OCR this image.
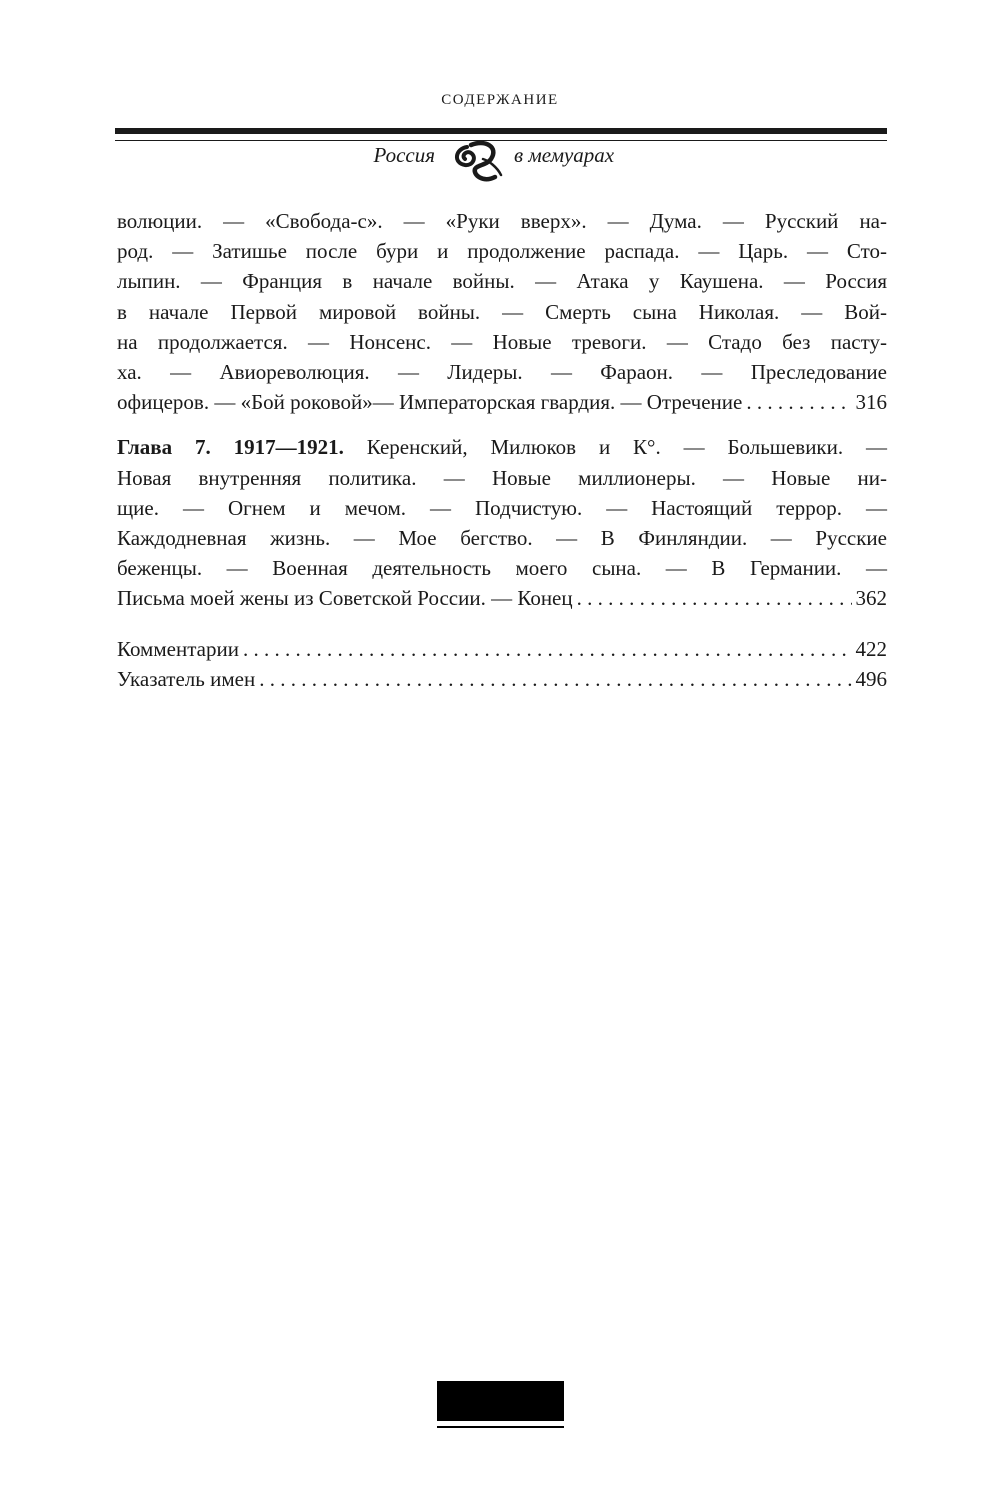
СОДЕРЖАНИЕ
Россия	в мемуарах
волюции. — «Свобода-с». — «Руки вверх». — Дума. — Русский на-
род. — Затишье после бури и продолжение распада. — Царь. — Сто-
лыпин. — Франция в начале войны. — Атака у Каушена. — Россия
в начале Первой мировой войны. — Смерть сына Николая. — Вой-
на продолжается. — Нонсенс. — Новые тревоги. — Стадо без пасту-
ха. — Авиореволюция. — Лидеры. — Фараон. — Преследование
офицеров. — «Бой роковой»— Императорская гвардия. — Отречение . . .	316
Глава 7. 1917—1921. Керенский, Милюков и К°. — Большевики. —
Новая внутренняя политика. — Новые миллионеры. — Новые ни-
щие. — Огнем и мечом. — Подчистую. — Настоящий террор. —
Каждодневная жизнь. — Мое бегство. — В Финляндии. — Русские
беженцы. — Военная деятельность моего сына. — В Германии. —
Письма моей жены из Советской России. — Конец . . .	362
Комментарии . . .	422
Указатель имен . . .	496
